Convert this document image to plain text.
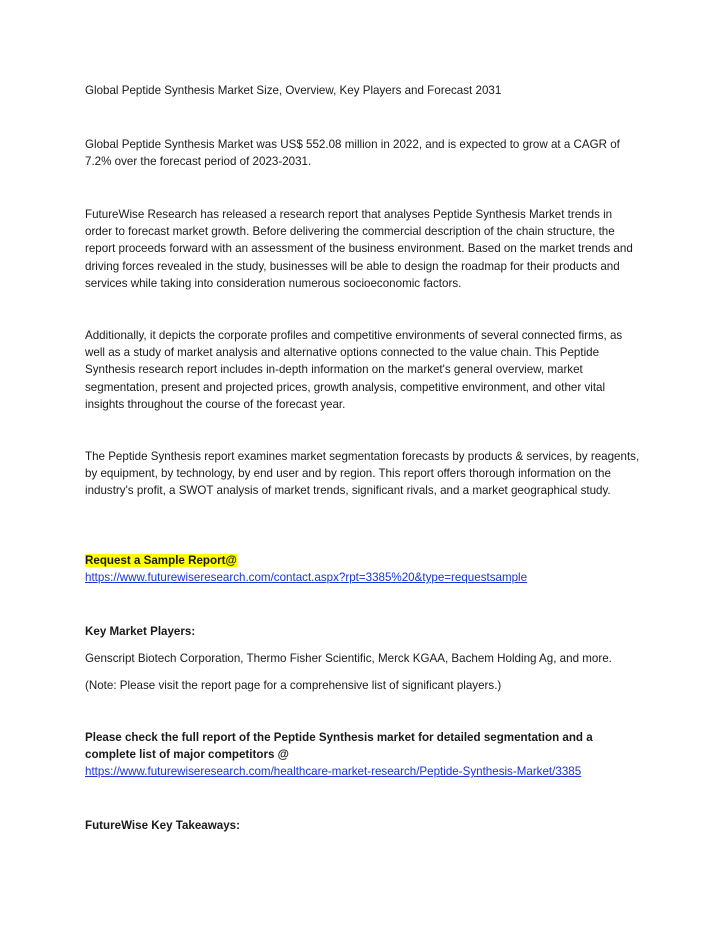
Global Peptide Synthesis Market Size, Overview, Key Players and Forecast 2031

Global Peptide Synthesis Market was US$ 552.08 million in 2022, and is expected to grow at a CAGR of 7.2% over the forecast period of 2023-2031.

FutureWise Research has released a research report that analyses Peptide Synthesis Market trends in order to forecast market growth. Before delivering the commercial description of the chain structure, the report proceeds forward with an assessment of the business environment. Based on the market trends and driving forces revealed in the study, businesses will be able to design the roadmap for their products and services while taking into consideration numerous socioeconomic factors.

Additionally, it depicts the corporate profiles and competitive environments of several connected firms, as well as a study of market analysis and alternative options connected to the value chain. This Peptide Synthesis research report includes in-depth information on the market's general overview, market segmentation, present and projected prices, growth analysis, competitive environment, and other vital insights throughout the course of the forecast year.

The Peptide Synthesis report examines market segmentation forecasts by products & services, by reagents, by equipment, by technology, by end user and by region. This report offers thorough information on the industry's profit, a SWOT analysis of market trends, significant rivals, and a market geographical study.

Request a Sample Report@
https://www.futurewiseresearch.com/contact.aspx?rpt=3385%20&type=requestsample

Key Market Players:

Genscript Biotech Corporation, Thermo Fisher Scientific, Merck KGAA, Bachem Holding Ag, and more.

(Note: Please visit the report page for a comprehensive list of significant players.)

Please check the full report of the Peptide Synthesis market for detailed segmentation and a complete list of major competitors @
https://www.futurewiseresearch.com/healthcare-market-research/Peptide-Synthesis-Market/3385

FutureWise Key Takeaways:
